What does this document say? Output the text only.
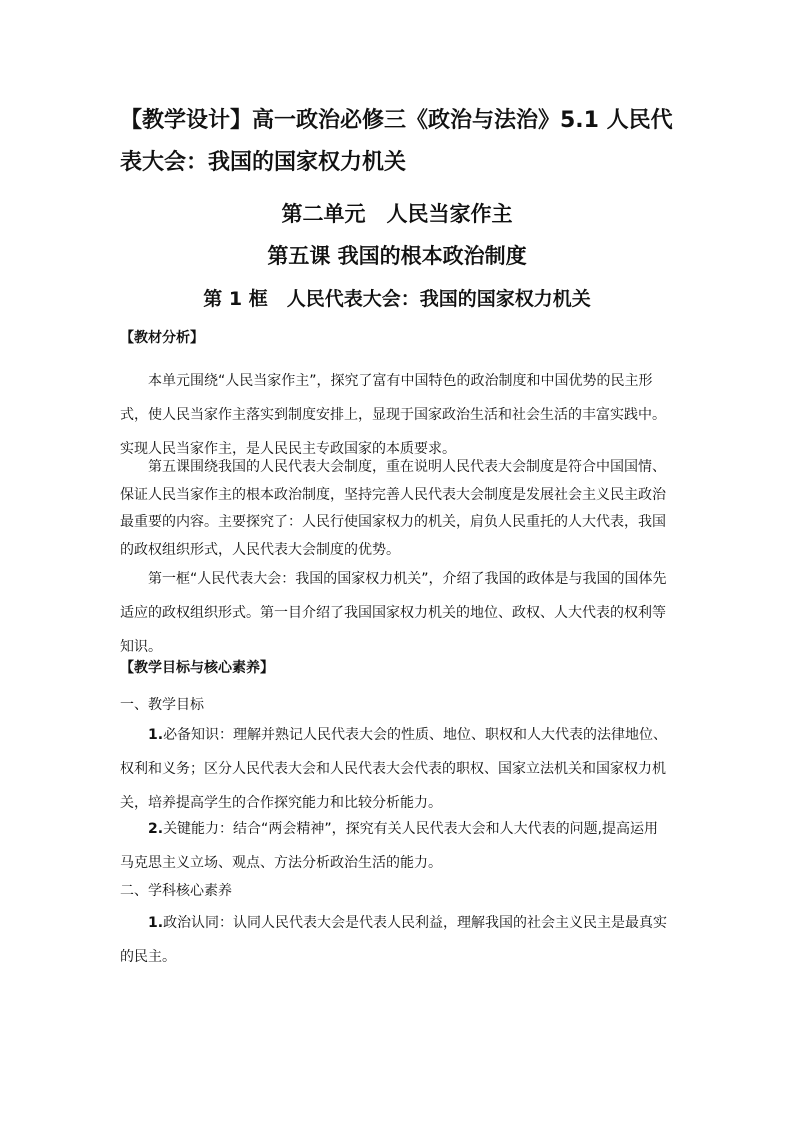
【教学设计】高一政治必修三《政治与法治》5.1 人民代表大会：我国的国家权力机关
第二单元　人民当家作主
第五课 我国的根本政治制度
第 1 框　人民代表大会：我国的国家权力机关

【教材分析】

本单元围绕“人民当家作主”，探究了富有中国特色的政治制度和中国优势的民主形式，使人民当家作主落实到制度安排上，显现于国家政治生活和社会生活的丰富实践中。实现人民当家作主，是人民民主专政国家的本质要求。

第五课围绕我国的人民代表大会制度，重在说明人民代表大会制度是符合中国国情、保证人民当家作主的根本政治制度，坚持完善人民代表大会制度是发展社会主义民主政治最重要的内容。主要探究了：人民行使国家权力的机关，肩负人民重托的人大代表，我国的政权组织形式，人民代表大会制度的优势。

第一框“人民代表大会：我国的国家权力机关”，介绍了我国的政体是与我国的国体先适应的政权组织形式。第一目介绍了我国国家权力机关的地位、政权、人大代表的权利等知识。

【教学目标与核心素养】

一、教学目标

1.必备知识：理解并熟记人民代表大会的性质、地位、职权和人大代表的法律地位、权利和义务；区分人民代表大会和人民代表大会代表的职权、国家立法机关和国家权力机关，培养提高学生的合作探究能力和比较分析能力。

2.关键能力：结合“两会精神”，探究有关人民代表大会和人大代表的问题,提高运用马克思主义立场、观点、方法分析政治生活的能力。

二、学科核心素养

1.政治认同：认同人民代表大会是代表人民利益，理解我国的社会主义民主是最真实的民主。
